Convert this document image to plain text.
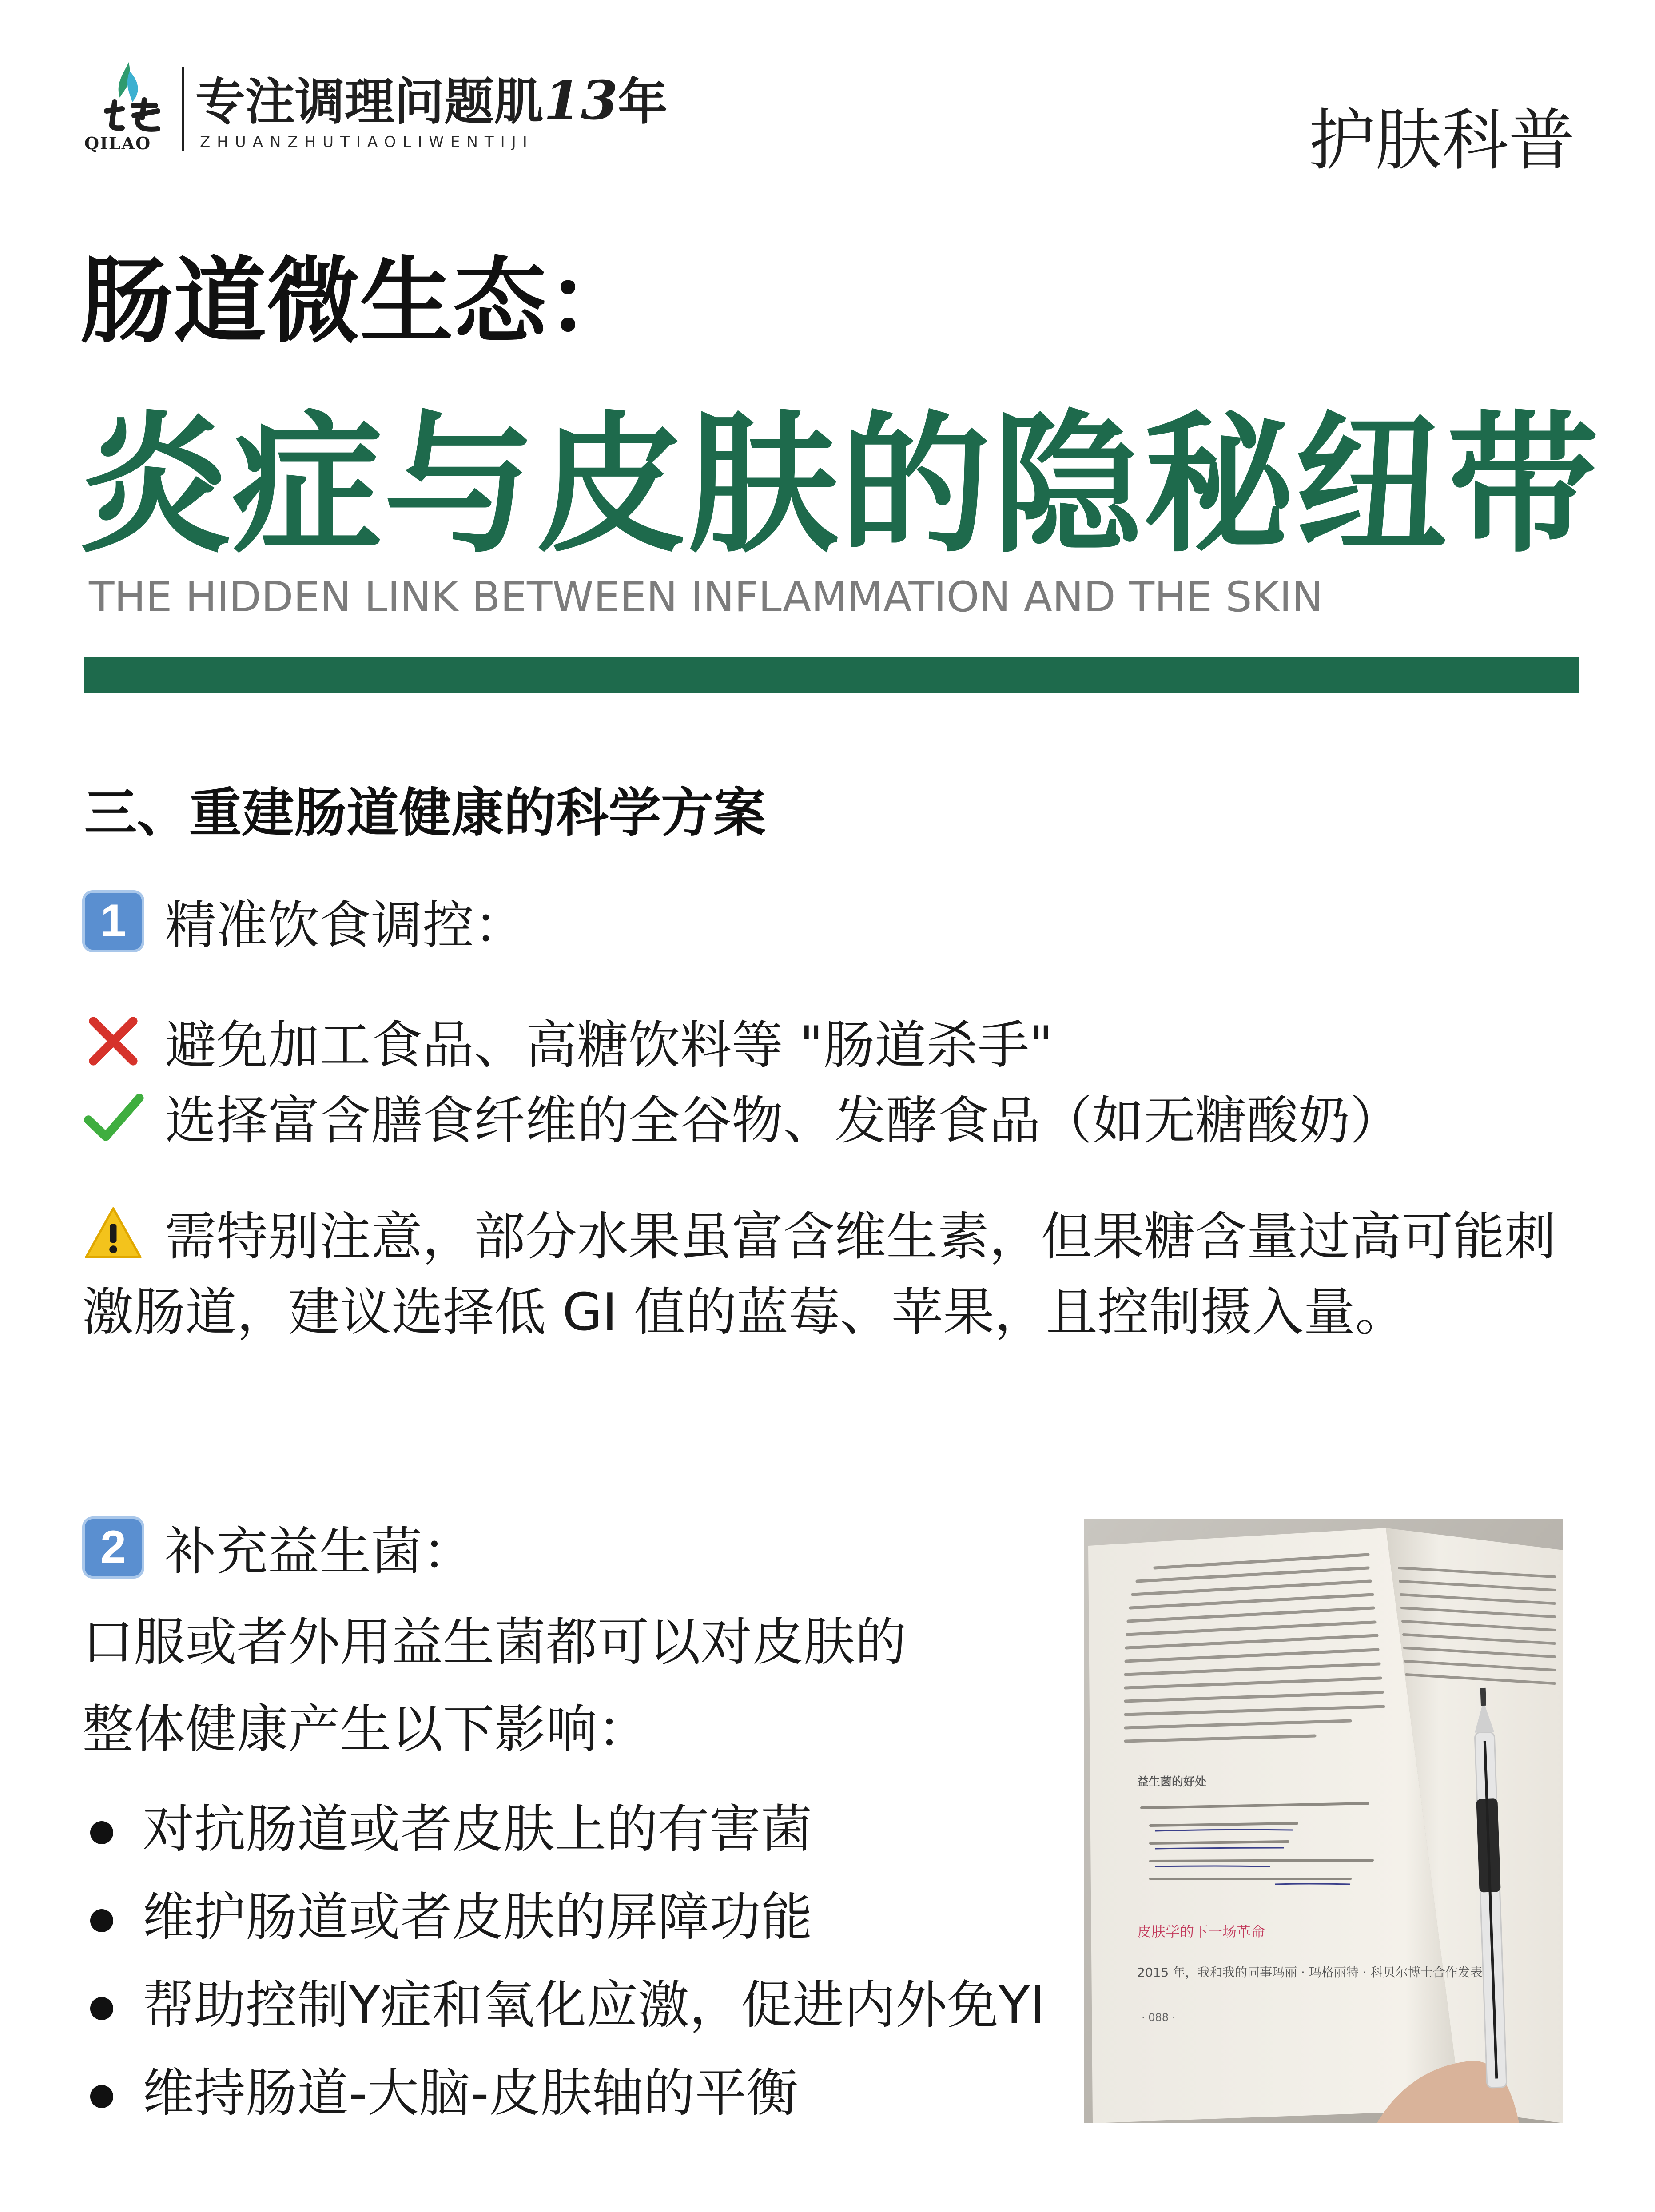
QILAO
专注调理问题肌13年
ZHUANZHUTIAOLIWENTIJI	护肤科普
肠道微生态：
炎症与皮肤的隐秘纽带
THE HIDDEN LINK BETWEEN INFLAMMATION AND THE SKIN
三、重建肠道健康的科学方案
1 精准饮食调控：
避免加工食品、高糖饮料等 "肠道杀手"
选择富含膳食纤维的全谷物、发酵食品（如无糖酸奶）
需特别注意，部分水果虽富含维生素，但果糖含量过高可能刺
激肠道，建议选择低 GI 值的蓝莓、苹果，且控制摄入量。
2 补充益生菌：
口服或者外用益生菌都可以对皮肤的
整体健康产生以下影响：
对抗肠道或者皮肤上的有害菌
维护肠道或者皮肤的屏障功能
帮助控制Y症和氧化应激，促进内外免YI
维持肠道-大脑-皮肤轴的平衡
益生菌的好处
皮肤学的下一场革命
2015 年，我和我的同事玛丽 · 玛格丽特 · 科贝尔博士合作发表
· 088 ·
